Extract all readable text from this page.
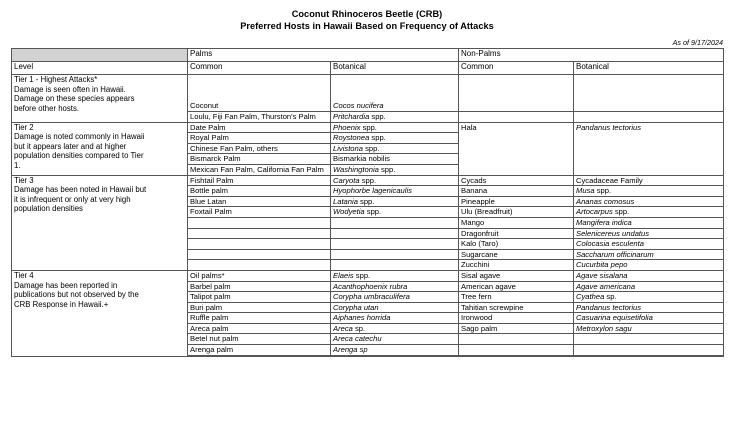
Coconut Rhinoceros Beetle (CRB)
Preferred Hosts in Hawaii Based on Frequency of Attacks
As of 9/17/2024
	Palms		Non-Palms	
Level	Common	Botanical	Common	Botanical
Tier 1 - Highest Attacks*
Damage is seen often in Hawaii.
Damage on these species appears
before other hosts.	Coconut	Cocos nucifera		
	Loulu, Fiji Fan Palm, Thurston's Palm	Pritchardia spp.		
Tier 2
Damage is noted commonly in Hawaii
but it appears later and at higher
population densities compared to Tier
1.	Date Palm	Phoenix spp.	Hala	Pandanus tectorius
	Royal Palm	Roystonea spp.		
	Chinese Fan Palm, others	Livistona spp.		
	Bismarck Palm	Bismarkia nobilis		
	Mexican Fan Palm, California Fan Palm	Washingtonia spp.		
Tier 3
Damage has been noted in Hawaii but
it is infrequent or only at very high
population densities	Fishtail Palm	Caryota spp.	Cycads	Cycadaceae Family
	Bottle palm	Hyophorbe lagenicaulis	Banana	Musa spp.
	Blue Latan	Latania spp.	Pineapple	Ananas comosus
	Foxtail Palm	Wodyetia spp.	Ulu (Breadfruit)	Artocarpus spp.
			Mango	Mangifera indica
			Dragonfruit	Selenicereus undatus
			Kalo (Taro)	Colocasia esculenta
			Sugarcane	Saccharum officinarum
			Zucchini	Cucurbita pepo
Tier 4
Damage has been reported in
publications but not observed by the
CRB Response in Hawaii.+	Oil palms*	Elaeis spp.	Sisal agave	Agave sisalana
	Barbel palm	Acanthophoenix rubra	American agave	Agave americana
	Talipot palm	Corypha umbraculifera	Tree fern	Cyathea sp.
	Buri palm	Corypha utan	Tahitian screwpine	Pandanus tectorius
	Ruffle palm	Aiphanes horrida	Ironwood	Casuarina equisetifolia
	Areca palm	Areca sp.	Sago palm	Metroxylon sagu
	Betel nut palm	Areca catechu		
	Arenga palm	Arenga sp		
